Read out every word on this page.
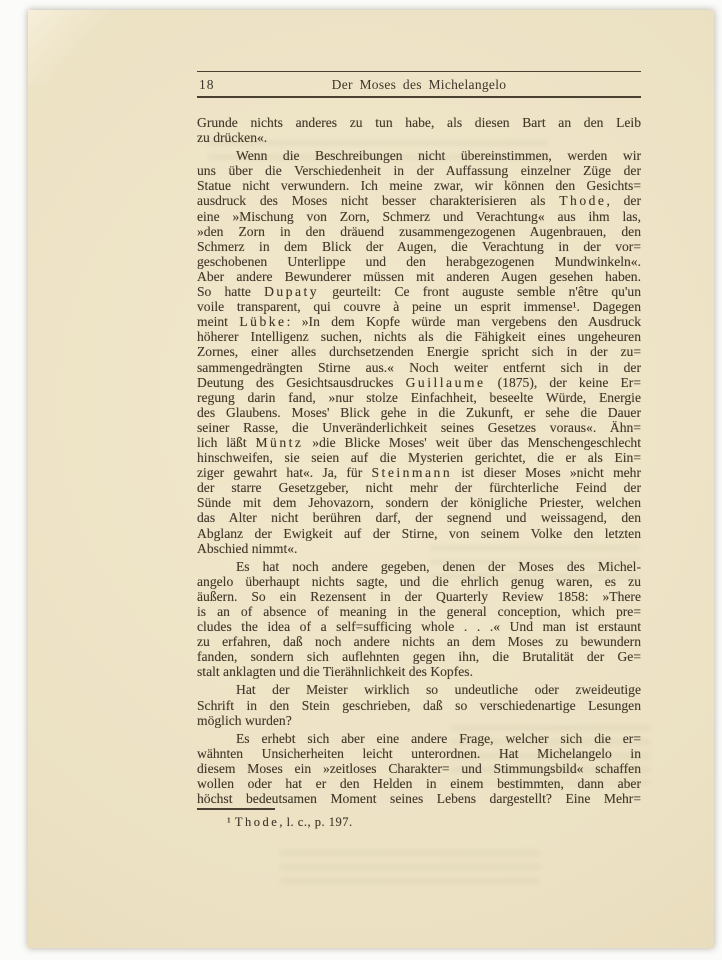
18	Der Moses des Michelangelo
Grunde nichts anderes zu tun habe, als diesen Bart an den Leib
zu drücken«.
Wenn die Beschreibungen nicht übereinstimmen, werden wir
uns über die Verschiedenheit in der Auffassung einzelner Züge der
Statue nicht verwundern. Ich meine zwar, wir können den Gesichts=
ausdruck des Moses nicht besser charakterisieren als Thode, der
eine »Mischung von Zorn, Schmerz und Verachtung« aus ihm las,
»den Zorn in den dräuend zusammengezogenen Augenbrauen, den
Schmerz in dem Blick der Augen, die Verachtung in der vor=
geschobenen Unterlippe und den herabgezogenen Mundwinkeln«.
Aber andere Bewunderer müssen mit anderen Augen gesehen haben.
So hatte Dupaty geurteilt: Ce front auguste semble n'être qu'un
voile transparent, qui couvre à peine un esprit immense¹. Dagegen
meint Lübke: »In dem Kopfe würde man vergebens den Ausdruck
höherer Intelligenz suchen, nichts als die Fähigkeit eines ungeheuren
Zornes, einer alles durchsetzenden Energie spricht sich in der zu=
sammengedrängten Stirne aus.« Noch weiter entfernt sich in der
Deutung des Gesichtsausdruckes Guillaume (1875), der keine Er=
regung darin fand, »nur stolze Einfachheit, beseelte Würde, Energie
des Glaubens. Moses' Blick gehe in die Zukunft, er sehe die Dauer
seiner Rasse, die Unveränderlichkeit seines Gesetzes voraus«. Ähn=
lich läßt Müntz »die Blicke Moses' weit über das Menschengeschlecht
hinschweifen, sie seien auf die Mysterien gerichtet, die er als Ein=
ziger gewahrt hat«. Ja, für Steinmann ist dieser Moses »nicht mehr
der starre Gesetzgeber, nicht mehr der fürchterliche Feind der
Sünde mit dem Jehovazorn, sondern der königliche Priester, welchen
das Alter nicht berühren darf, der segnend und weissagend, den
Abglanz der Ewigkeit auf der Stirne, von seinem Volke den letzten
Abschied nimmt«.
Es hat noch andere gegeben, denen der Moses des Michel-
angelo überhaupt nichts sagte, und die ehrlich genug waren, es zu
äußern. So ein Rezensent in der Quarterly Review 1858: »There
is an of absence of meaning in the general conception, which pre=
cludes the idea of a self=sufficing whole . . .« Und man ist erstaunt
zu erfahren, daß noch andere nichts an dem Moses zu bewundern
fanden, sondern sich auflehnten gegen ihn, die Brutalität der Ge=
stalt anklagten und die Tierähnlichkeit des Kopfes.
Hat der Meister wirklich so undeutliche oder zweideutige
Schrift in den Stein geschrieben, daß so verschiedenartige Lesungen
möglich wurden?
Es erhebt sich aber eine andere Frage, welcher sich die er=
wähnten Unsicherheiten leicht unterordnen. Hat Michelangelo in
diesem Moses ein »zeitloses Charakter= und Stimmungsbild« schaffen
wollen oder hat er den Helden in einem bestimmten, dann aber
höchst bedeutsamen Moment seines Lebens dargestellt? Eine Mehr=
¹ Thode, l. c., p. 197.
